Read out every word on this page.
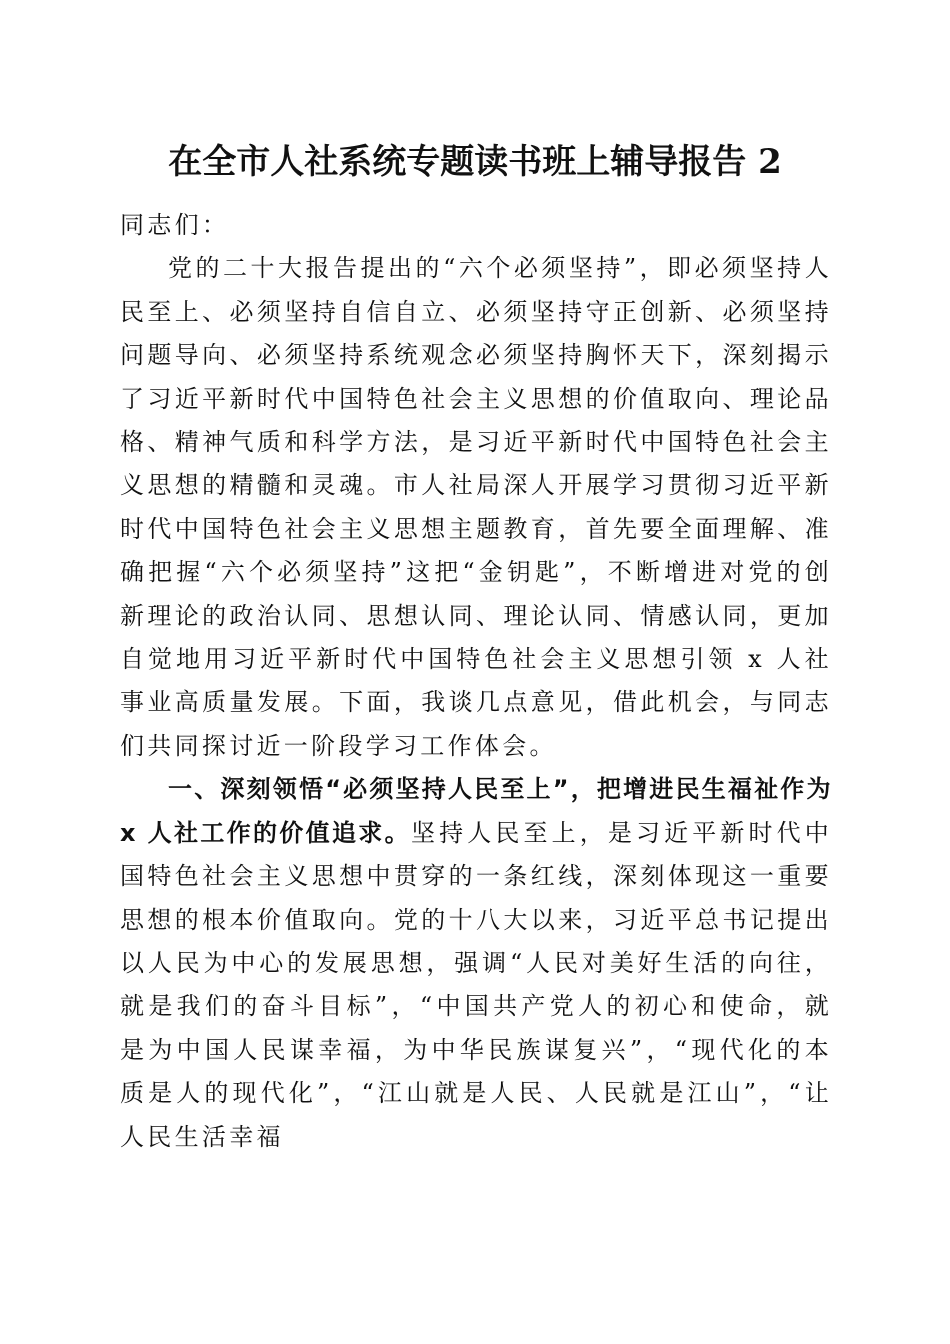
在全市人社系统专题读书班上辅导报告 2

同志们：

党的二十大报告提出的“六个必须坚持”，即必须坚持人民至上、必须坚持自信自立、必须坚持守正创新、必须坚持问题导向、必须坚持系统观念必须坚持胸怀天下，深刻揭示了习近平新时代中国特色社会主义思想的价值取向、理论品格、精神气质和科学方法，是习近平新时代中国特色社会主义思想的精髓和灵魂。市人社局深人开展学习贯彻习近平新时代中国特色社会主义思想主题教育，首先要全面理解、准确把握“六个必须坚持”这把“金钥匙”，不断增进对党的创新理论的政治认同、思想认同、理论认同、情感认同，更加自觉地用习近平新时代中国特色社会主义思想引领 x 人社事业高质量发展。下面，我谈几点意见，借此机会，与同志们共同探讨近一阶段学习工作体会。

一、深刻领悟“必须坚持人民至上”，把增进民生福祉作为 x 人社工作的价值追求。坚持人民至上，是习近平新时代中国特色社会主义思想中贯穿的一条红线，深刻体现这一重要思想的根本价值取向。党的十八大以来，习近平总书记提出以人民为中心的发展思想，强调“人民对美好生活的向往，就是我们的奋斗目标”，“中国共产党人的初心和使命，就是为中国人民谋幸福，为中华民族谋复兴”，“现代化的本质是人的现代化”，“江山就是人民、人民就是江山”，“让人民生活幸福
